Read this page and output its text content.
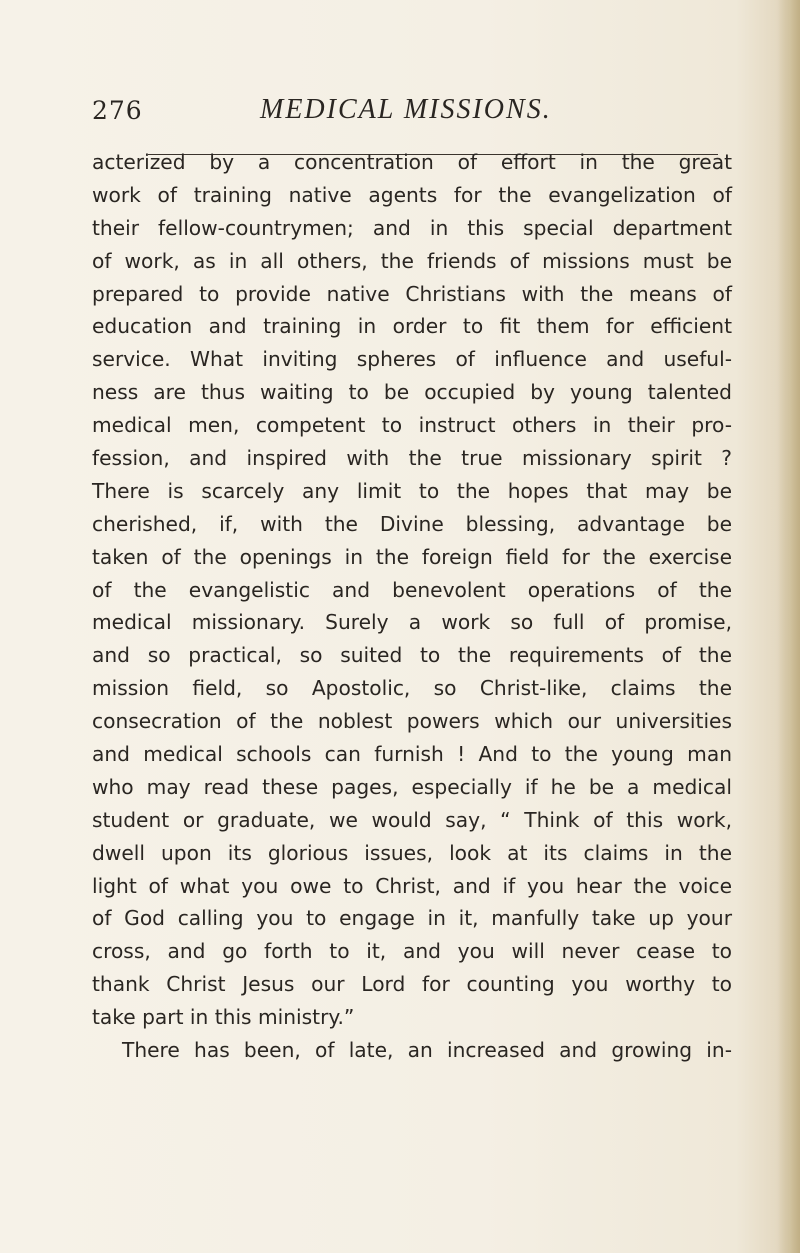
276	MEDICAL MISSIONS.
acterized by a concentration of effort in the great
work of training native agents for the evangelization of
their fellow-countrymen; and in this special department
of work, as in all others, the friends of missions must be
prepared to provide native Christians with the means of
education and training in order to fit them for efficient
service. What inviting spheres of influence and useful-
ness are thus waiting to be occupied by young talented
medical men, competent to instruct others in their pro-
fession, and inspired with the true missionary spirit ?
There is scarcely any limit to the hopes that may be
cherished, if, with the Divine blessing, advantage be
taken of the openings in the foreign field for the exercise
of the evangelistic and benevolent operations of the
medical missionary. Surely a work so full of promise,
and so practical, so suited to the requirements of the
mission field, so Apostolic, so Christ-like, claims the
consecration of the noblest powers which our universities
and medical schools can furnish ! And to the young man
who may read these pages, especially if he be a medical
student or graduate, we would say, “ Think of this work,
dwell upon its glorious issues, look at its claims in the
light of what you owe to Christ, and if you hear the voice
of God calling you to engage in it, manfully take up your
cross, and go forth to it, and you will never cease to
thank Christ Jesus our Lord for counting you worthy to
take part in this ministry.”
There has been, of late, an increased and growing in-
